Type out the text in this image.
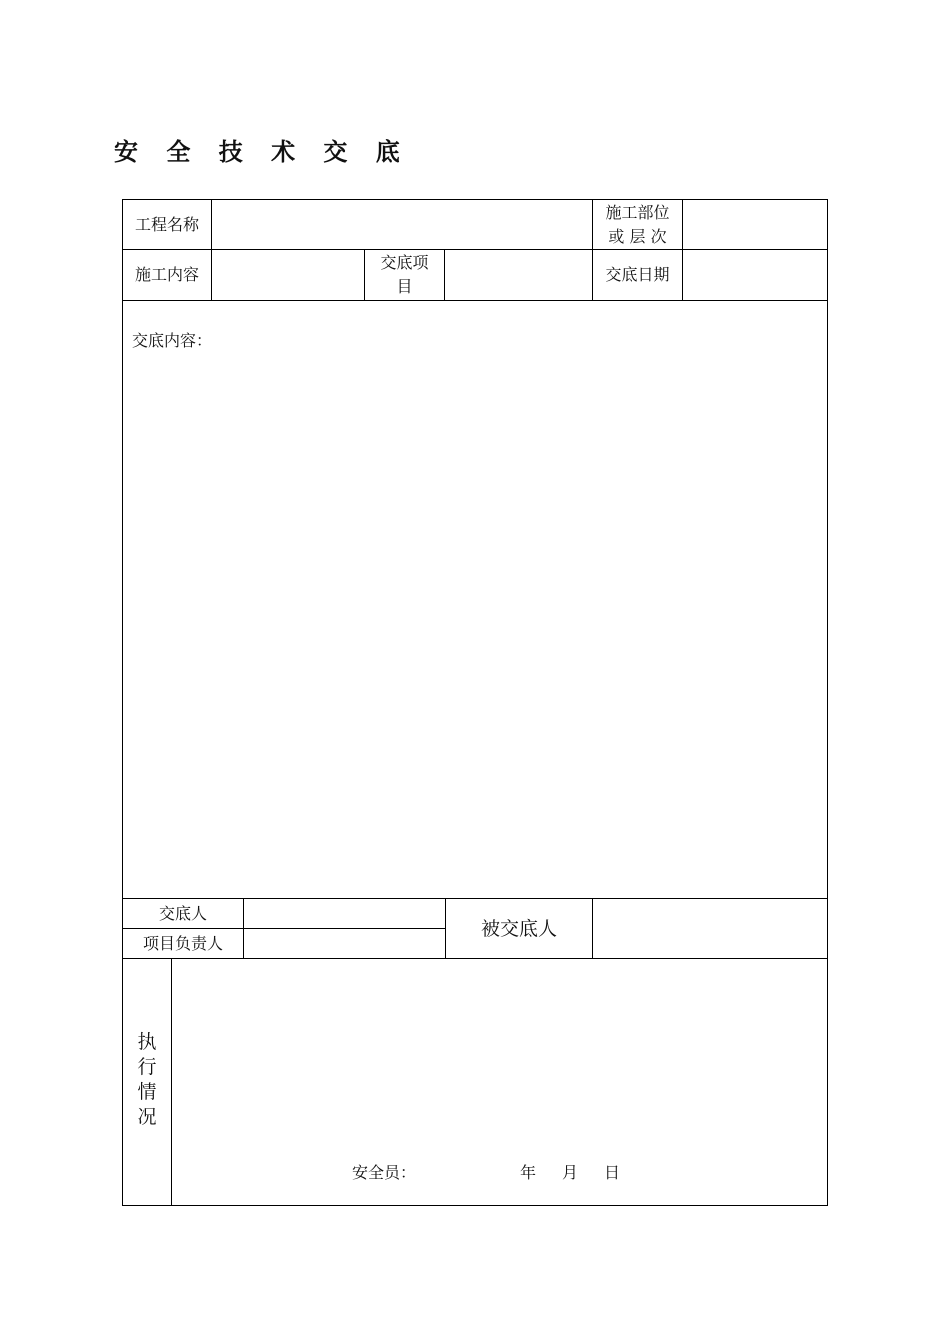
安 全 技 术 交 底
工程名称
施工部位
或 层 次
施工内容
交底项
目
交底日期
交底内容：
交底人
项目负责人
被交底人
执
行
情
况
安全员：	年 月 日
